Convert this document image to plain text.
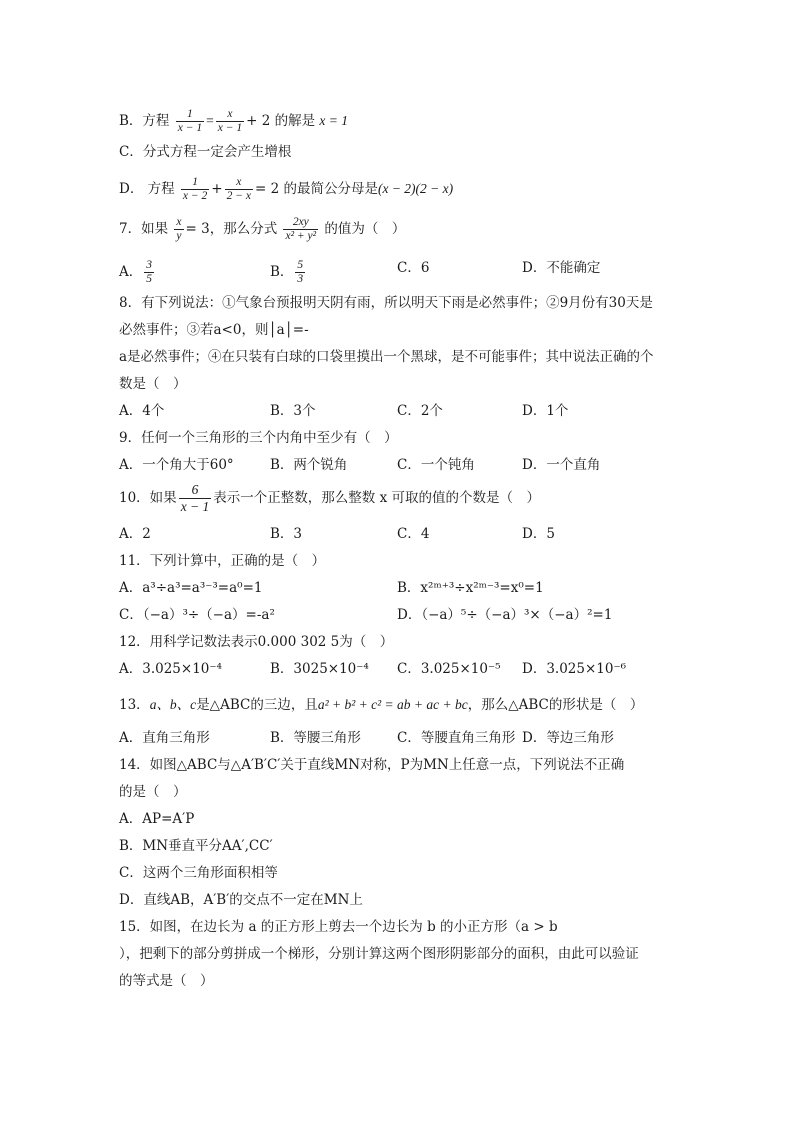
B．方程 $\frac{1}{x - 1} = \frac{x}{x - 1} + 2$ 的解是 x = 1
C．分式方程一定会产生增根
D． 方程 $\frac{1}{x - 2} + \frac{x}{2 - x} = 2$ 的最简公分母是(x − 2)(2 − x)
7．如果 $\frac{x}{y} = 3$，那么分式 $\frac{2xy}{\text{x² + y²}}$ 的值为（　）
A． $\frac{3}{5}$	B． $\frac{5}{3}$	C．6	D．不能确定
8．有下列说法：①气象台预报明天阴有雨，所以明天下雨是必然事件；②9月份有30天是
必然事件；③若a<0，则│a│=-
a是必然事件；④在只装有白球的口袋里摸出一个黑球，是不可能事件；其中说法正确的个
数是（　）
A．4个	B．3个	C．2个	D．1个
9．任何一个三角形的三个内角中至少有（　）
A．一个角大于60°	B．两个锐角	C．一个钝角	D．一个直角
10．如果 $\frac{6}{x - 1}$ 表示一个正整数，那么整数 x 可取的值的个数是（　）
A．2	B．3	C．4	D．5
11．下列计算中，正确的是（　）
A．a³÷a³=a³⁻³=a⁰=1	B．x²ᵐ⁺³÷x²ᵐ⁻³=x⁰=1
C．（−a）³÷（−a）=-a²	D．（−a）⁵÷（−a）³×（−a）²=1
12．用科学记数法表示0.000 302 5为（　）
A．3.025×10⁻⁴	B．3025×10⁻⁴ C．3.025×10⁻⁵ D．3.025×10⁻⁶
13．a、b、c是△ABC的三边，且a² + b² + c² = ab + ac + bc，那么△ABC的形状是（　）
A．直角三角形	B．等腰三角形	C．等腰直角三角形 D．等边三角形
14．如图△ABC与△A′B′C′关于直线MN对称，P为MN上任意一点，下列说法不正确
的是（　）
A．AP=A′P
B．MN垂直平分AA′,CC′
C．这两个三角形面积相等
D．直线AB，A′B′的交点不一定在MN上
15．如图，在边长为 a 的正方形上剪去一个边长为 b 的小正方形（a > b
），把剩下的部分剪拼成一个梯形，分别计算这两个图形阴影部分的面积，由此可以验证
的等式是（　）
